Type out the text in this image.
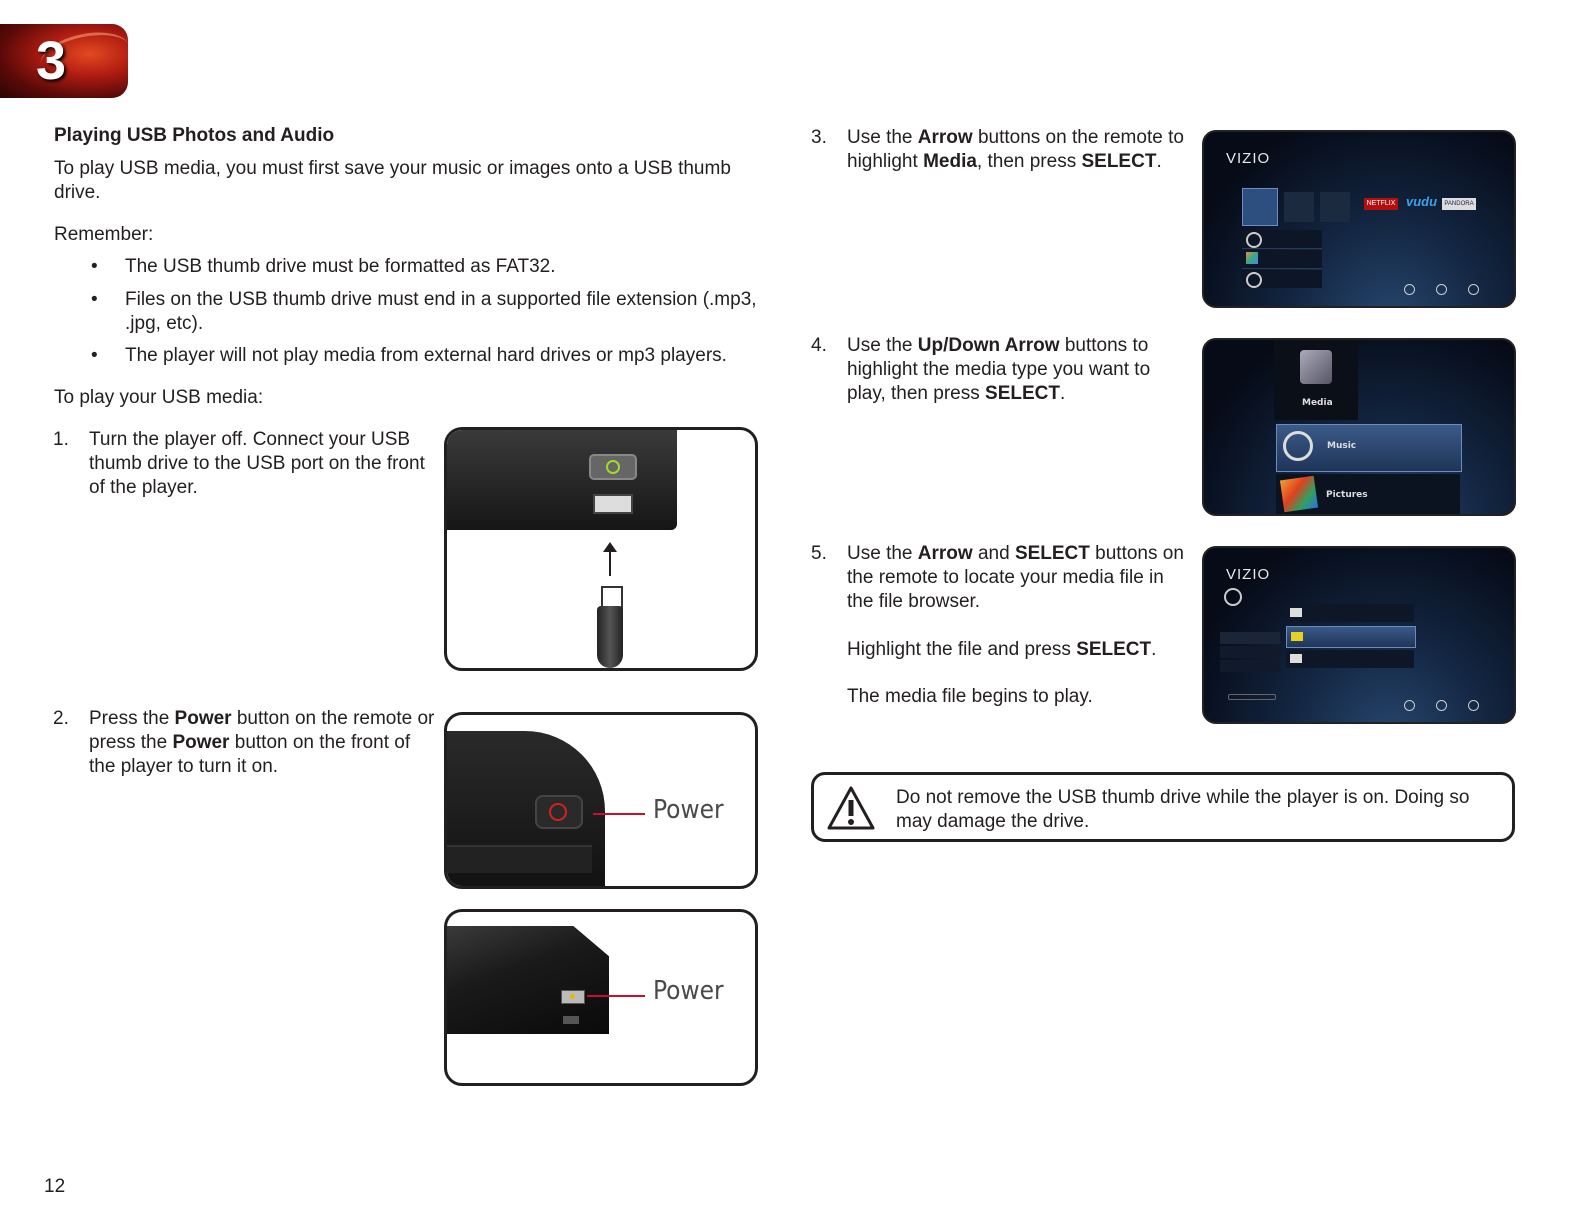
3
Playing USB Photos and Audio
To play USB media, you must first save your music or images onto a USB thumb drive.
Remember:
• The USB thumb drive must be formatted as FAT32.
• Files on the USB thumb drive must end in a supported file extension (.mp3, .jpg, etc).
• The player will not play media from external hard drives or mp3 players.
To play your USB media:
1. Turn the player off. Connect your USB thumb drive to the USB port on the front of the player.
2. Press the Power button on the remote or press the Power button on the front of the player to turn it on.
Power
Power
3. Use the Arrow buttons on the remote to highlight Media, then press SELECT.	VIZIO
NETFLIX vudu	PANDORA
4. Use the Up/Down Arrow buttons to highlight the media type you want to play, then press SELECT.	Media
Music
Pictures
5. Use the Arrow and SELECT buttons on the remote to locate your media file in the file browser.
Highlight the file and press SELECT.
The media file begins to play.
VIZIO
Do not remove the USB thumb drive while the player is on. Doing so may damage the drive.
12
